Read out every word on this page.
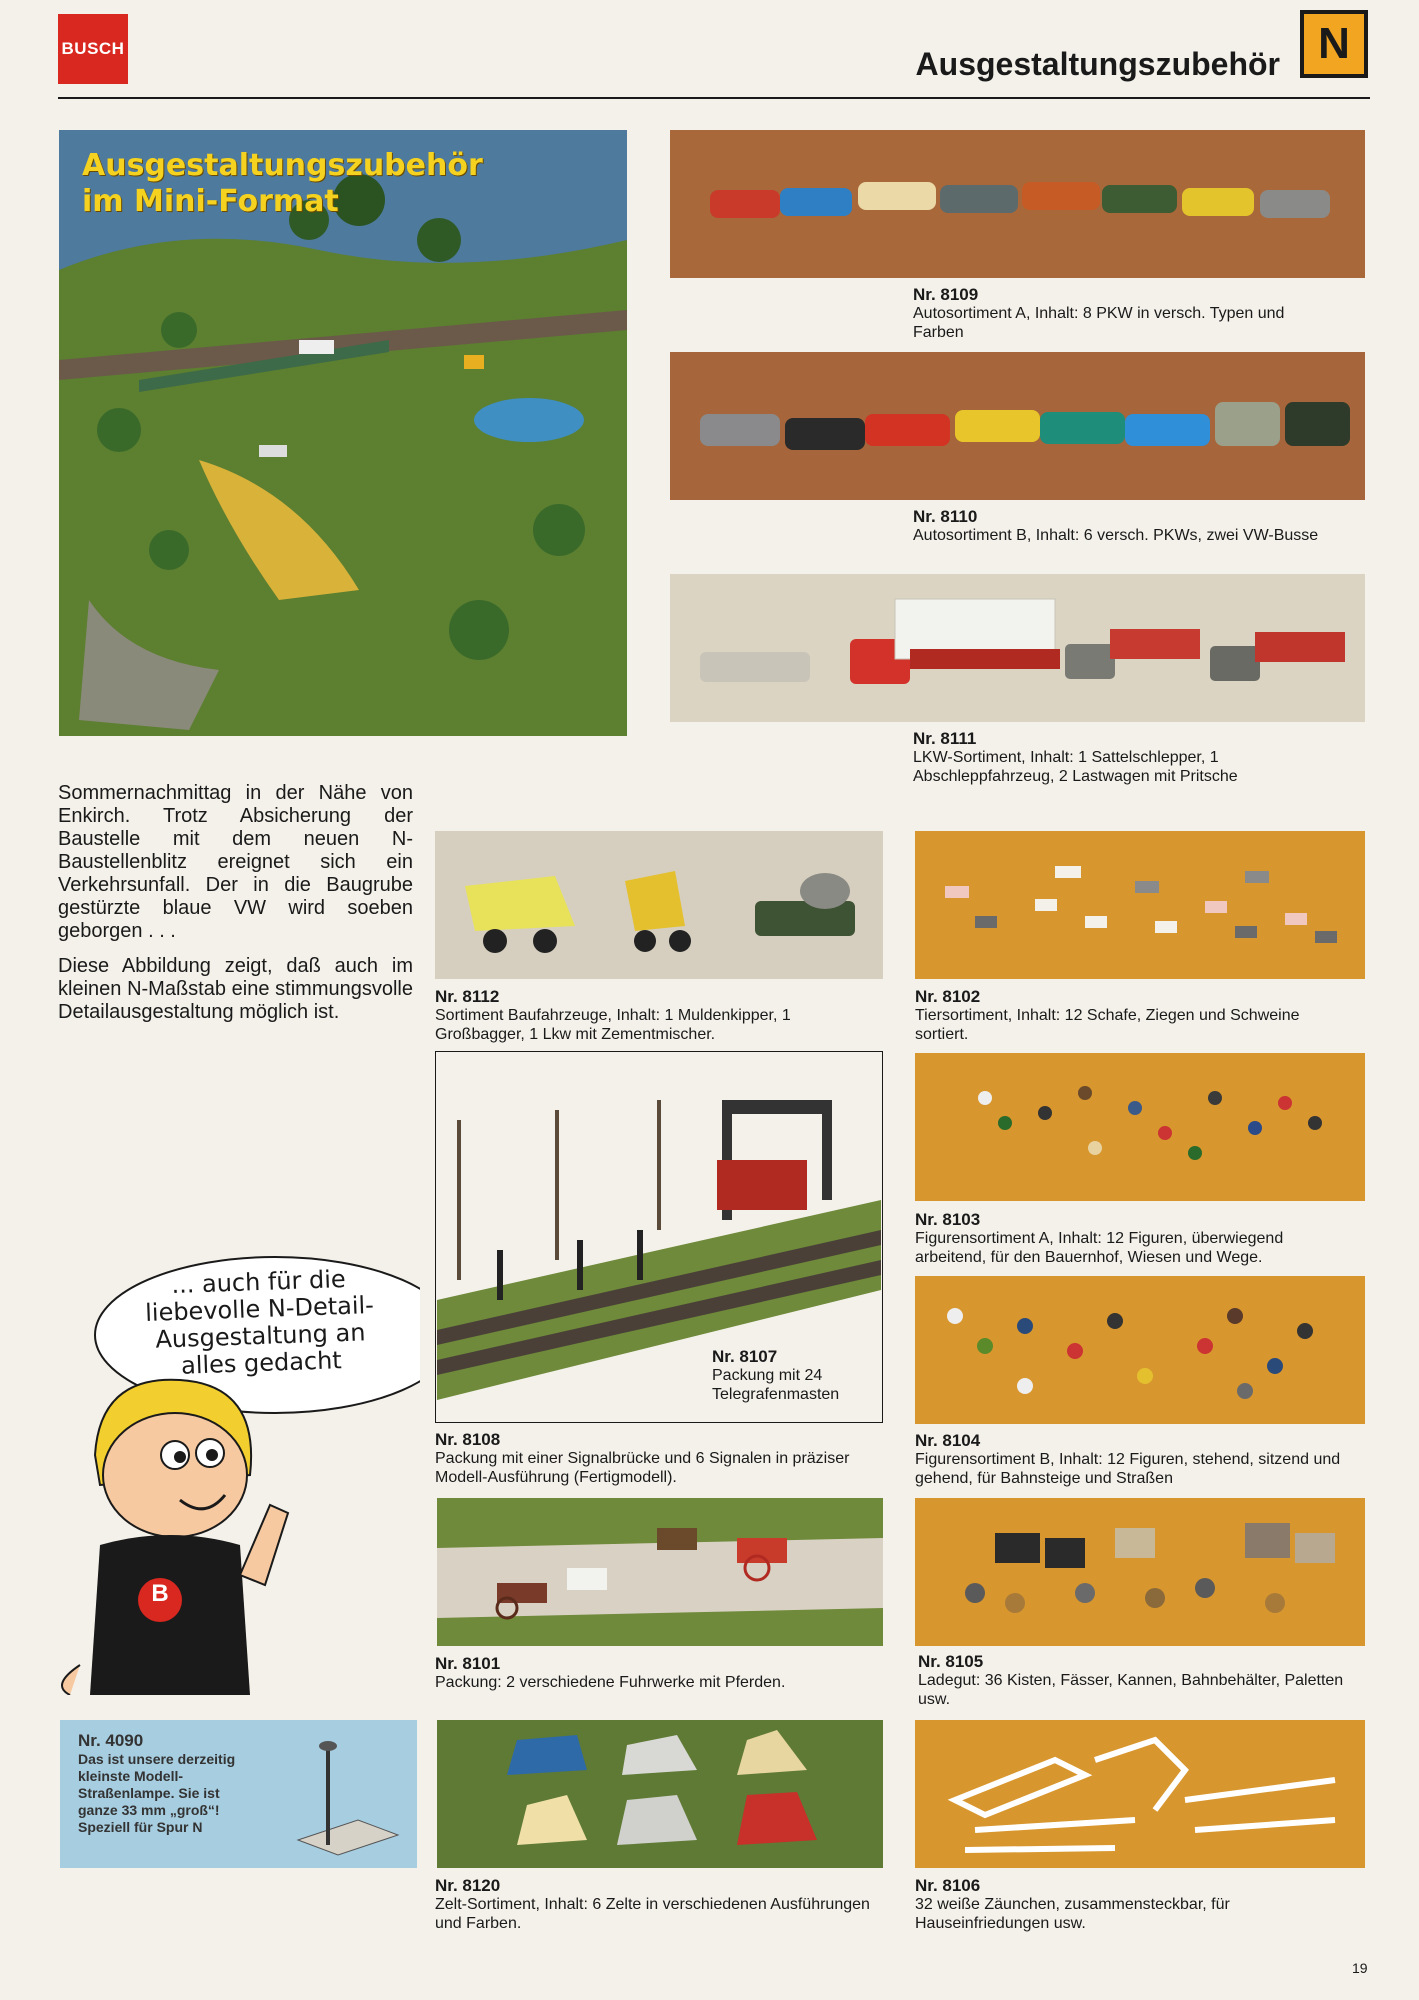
BUSCH	Ausgestaltungszubehör N
Ausgestaltungszubehör
im Mini-Format

Sommernachmittag in der Nähe von Enkirch. Trotz Absicherung der Baustelle mit dem neuen N-Baustellenblitz ereignet sich ein Verkehrsunfall. Der in die Baugrube gestürzte blaue VW wird soeben geborgen . . .

Diese Abbildung zeigt, daß auch im kleinen N-Maßstab eine stimmungsvolle Detailausgestaltung möglich ist.

Nr. 8109
Autosortiment A, Inhalt: 8 PKW in versch. Typen und Farben
Nr. 8110
Autosortiment B, Inhalt: 6 versch. PKWs, zwei VW-Busse
Nr. 8111
LKW-Sortiment, Inhalt: 1 Sattelschlepper, 1 Abschleppfahrzeug, 2 Lastwagen mit Pritsche
Nr. 8112
Sortiment Baufahrzeuge, Inhalt: 1 Muldenkipper, 1 Großbagger, 1 Lkw mit Zementmischer.
Nr. 8102
Tiersortiment, Inhalt: 12 Schafe, Ziegen und Schweine sortiert.
Nr. 8107
Packung mit 24 Telegrafenmasten
Nr. 8108
Packung mit einer Signalbrücke und 6 Signalen in präziser Modell-Ausführung (Fertigmodell).
Nr. 8103
Figurensortiment A, Inhalt: 12 Figuren, überwiegend arbeitend, für den Bauernhof, Wiesen und Wege.
Nr. 8104
Figurensortiment B, Inhalt: 12 Figuren, stehend, sitzend und gehend, für Bahnsteige und Straßen
Nr. 8101
Packung: 2 verschiedene Fuhrwerke mit Pferden.
Nr. 8105
Ladegut: 36 Kisten, Fässer, Kannen, Bahnbehälter, Paletten usw.
Nr. 8120
Zelt-Sortiment, Inhalt: 6 Zelte in verschiedenen Ausführungen und Farben.
Nr. 8106
32 weiße Zäunchen, zusammensteckbar, für Hauseinfriedungen usw.
... auch für die liebevolle N-Detail-Ausgestaltung an alles gedacht
B
Nr. 4090
Das ist unsere derzeitig kleinste Modell-Straßenlampe. Sie ist ganze 33 mm „groß“! Speziell für Spur N
19
